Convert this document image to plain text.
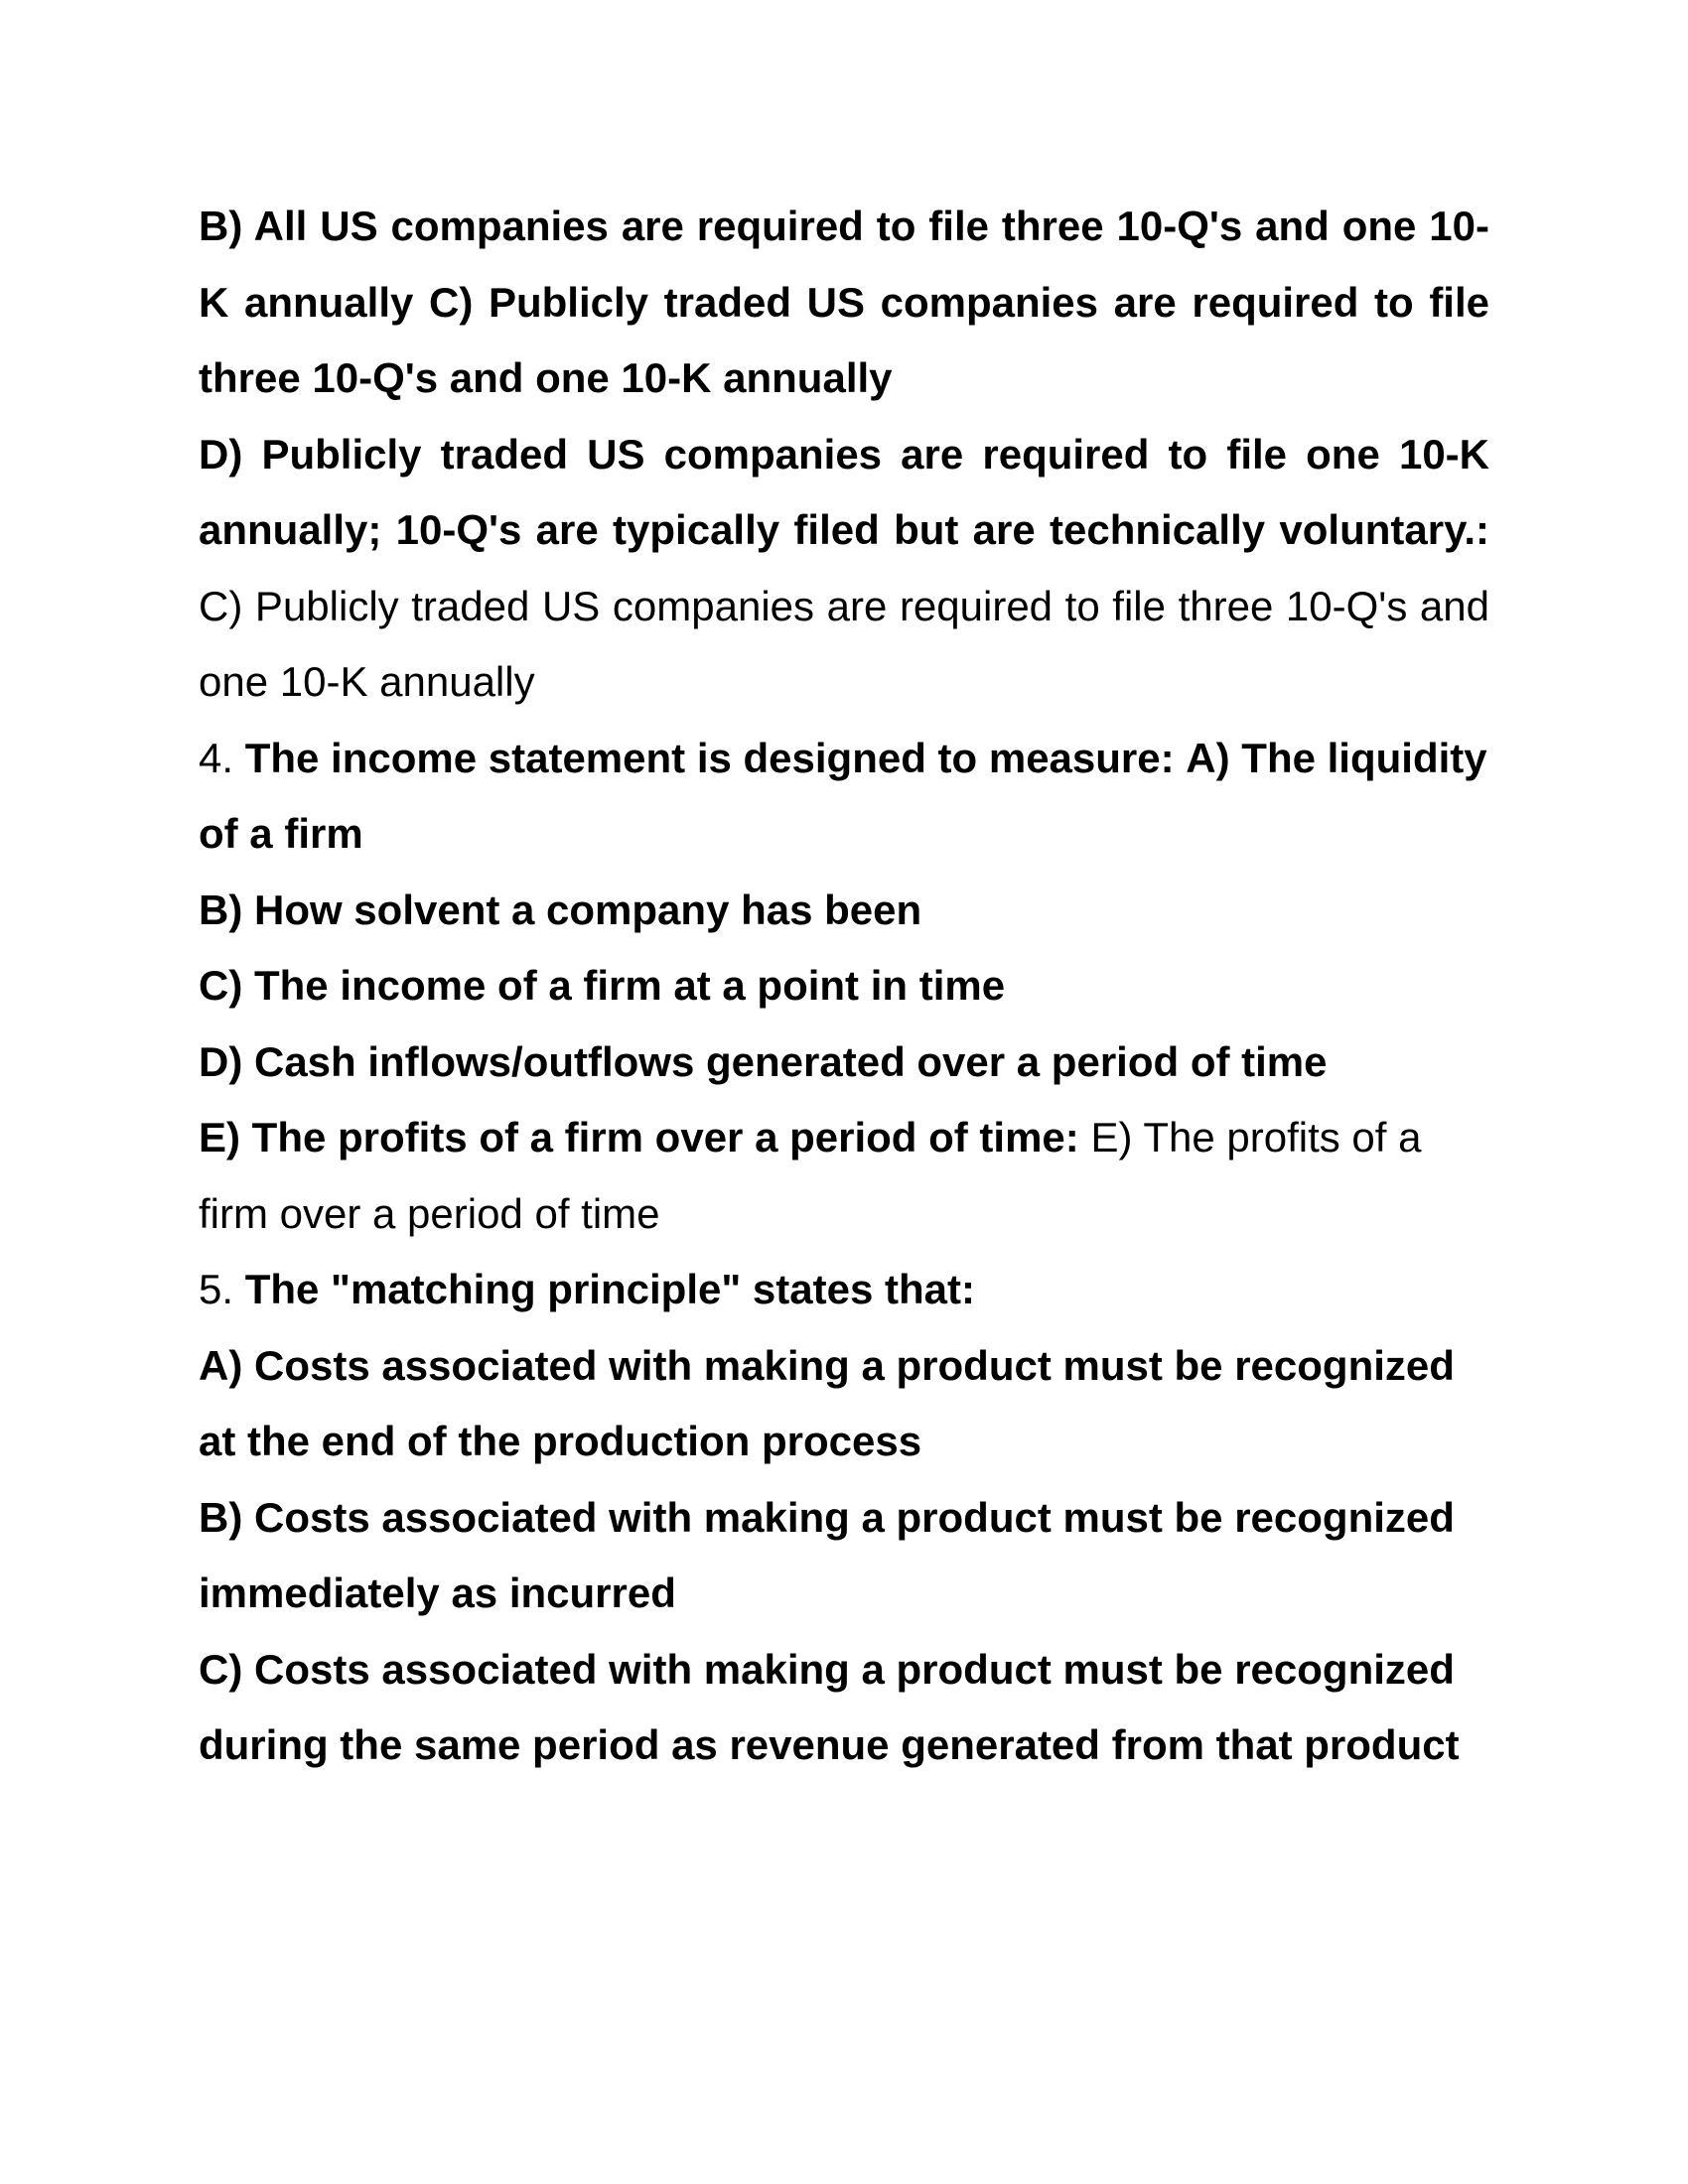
B) All US companies are required to file three 10-Q's and one 10-K annually C) Publicly traded US companies are required to file three 10-Q's and one 10-K annually

D) Publicly traded US companies are required to file one 10-K annually; 10-Q's are typically filed but are technically voluntary.: C) Publicly traded US companies are required to file three 10-Q's and one 10-K annually

4. The income statement is designed to measure: A) The liquidity of a firm

B) How solvent a company has been

C) The income of a firm at a point in time

D) Cash inflows/outflows generated over a period of time

E) The profits of a firm over a period of time: E) The profits of a firm over a period of time

5. The "matching principle" states that:

A) Costs associated with making a product must be recognized at the end of the production process

B) Costs associated with making a product must be recognized immediately as incurred

C) Costs associated with making a product must be recognized during the same period as revenue generated from that product
